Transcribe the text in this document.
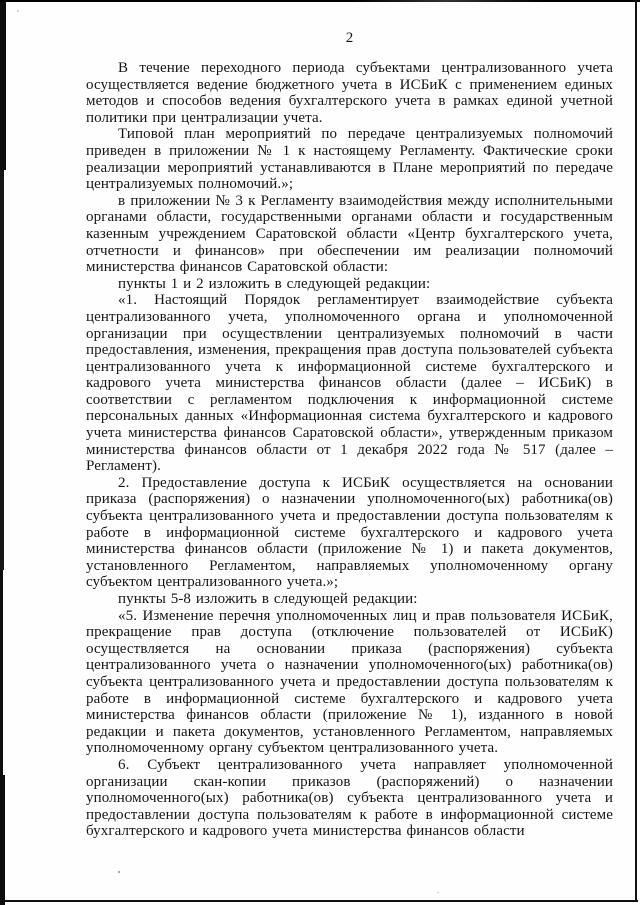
2

В течение переходного периода субъектами централизованного учета осуществляется ведение бюджетного учета в ИСБиК с применением единых методов и способов ведения бухгалтерского учета в рамках единой учетной политики при централизации учета.

Типовой план мероприятий по передаче централизуемых полномочий приведен в приложении № 1 к настоящему Регламенту. Фактические сроки реализации мероприятий устанавливаются в Плане мероприятий по передаче централизуемых полномочий.»;

в приложении № 3 к Регламенту взаимодействия между исполнительными органами области, государственными органами области и государственным казенным учреждением Саратовской области «Центр бухгалтерского учета, отчетности и финансов» при обеспечении им реализации полномочий министерства финансов Саратовской области:

пункты 1 и 2 изложить в следующей редакции:

«1. Настоящий Порядок регламентирует взаимодействие субъекта централизованного учета, уполномоченного органа и уполномоченной организации при осуществлении централизуемых полномочий в части предоставления, изменения, прекращения прав доступа пользователей субъекта централизованного учета к информационной системе бухгалтерского и кадрового учета министерства финансов области (далее – ИСБиК) в соответствии с регламентом подключения к информационной системе персональных данных «Информационная система бухгалтерского и кадрового учета министерства финансов Саратовской области», утвержденным приказом министерства финансов области от 1 декабря 2022 года № 517 (далее – Регламент).

2. Предоставление доступа к ИСБиК осуществляется на основании приказа (распоряжения) о назначении уполномоченного(ых) работника(ов) субъекта централизованного учета и предоставлении доступа пользователям к работе в информационной системе бухгалтерского и кадрового учета министерства финансов области (приложение № 1) и пакета документов, установленного Регламентом, направляемых уполномоченному органу субъектом централизованного учета.»;

пункты 5-8 изложить в следующей редакции:

«5. Изменение перечня уполномоченных лиц и прав пользователя ИСБиК, прекращение прав доступа (отключение пользователей от ИСБиК) осуществляется на основании приказа (распоряжения) субъекта централизованного учета о назначении уполномоченного(ых) работника(ов) субъекта централизованного учета и предоставлении доступа пользователям к работе в информационной системе бухгалтерского и кадрового учета министерства финансов области (приложение № 1), изданного в новой редакции и пакета документов, установленного Регламентом, направляемых уполномоченному органу субъектом централизованного учета.

6. Субъект централизованного учета направляет уполномоченной организации скан-копии приказов (распоряжений) о назначении уполномоченного(ых) работника(ов) субъекта централизованного учета и предоставлении доступа пользователям к работе в информационной системе бухгалтерского и кадрового учета министерства финансов области
